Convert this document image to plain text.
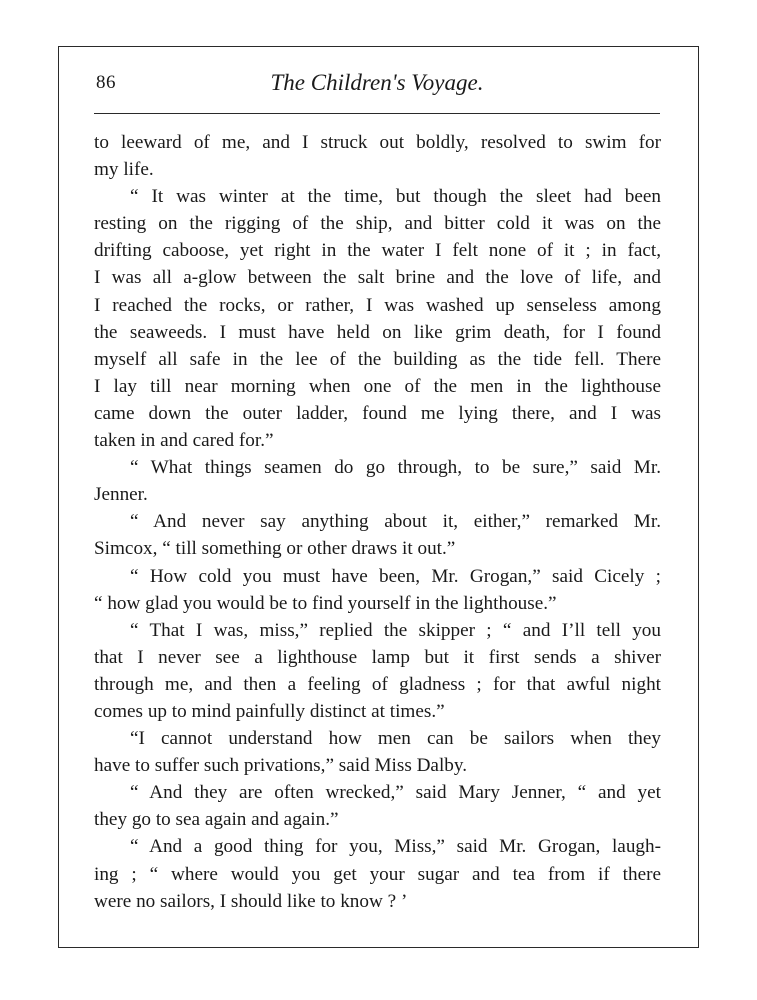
86	The Children's Voyage.
to leeward of me, and I struck out boldly, resolved to swim for
my life.
“ It was winter at the time, but though the sleet had been
resting on the rigging of the ship, and bitter cold it was on the
drifting caboose, yet right in the water I felt none of it ; in fact,
I was all a-glow between the salt brine and the love of life, and
I reached the rocks, or rather, I was washed up senseless among
the seaweeds. I must have held on like grim death, for I found
myself all safe in the lee of the building as the tide fell. There
I lay till near morning when one of the men in the lighthouse
came down the outer ladder, found me lying there, and I was
taken in and cared for.”
“ What things seamen do go through, to be sure,” said Mr.
Jenner.
“ And never say anything about it, either,” remarked Mr.
Simcox, “ till something or other draws it out.”
“ How cold you must have been, Mr. Grogan,” said Cicely ;
“ how glad you would be to find yourself in the lighthouse.”
“ That I was, miss,” replied the skipper ; “ and I’ll tell you
that I never see a lighthouse lamp but it first sends a shiver
through me, and then a feeling of gladness ; for that awful night
comes up to mind painfully distinct at times.”
“I cannot understand how men can be sailors when they
have to suffer such privations,” said Miss Dalby.
“ And they are often wrecked,” said Mary Jenner, “ and yet
they go to sea again and again.”
“ And a good thing for you, Miss,” said Mr. Grogan, laugh-
ing ; “ where would you get your sugar and tea from if there
were no sailors, I should like to know ? ’
